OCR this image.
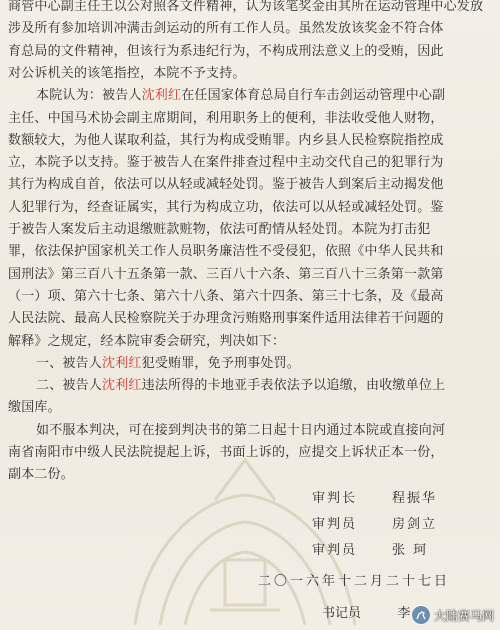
商管中心副主任王以公对照各文件精神，认为该笔奖金由其所在运动管理中心发放
涉及所有参加培训冲满击剑运动的所有工作人员。虽然发放该奖金不符合体
育总局的文件精神，但该行为系违纪行为，不构成刑法意义上的受贿，因此
对公诉机关的该笔指控，本院不予支持。
本院认为：被告人沈利红在任国家体育总局自行车击剑运动管理中心副
主任、中国马术协会副主席期间，利用职务上的便利，非法收受他人财物，
数额较大，为他人谋取利益，其行为构成受贿罪。内乡县人民检察院指控成
立，本院予以支持。鉴于被告人在案件排查过程中主动交代自己的犯罪行为
其行为构成自首，依法可以从轻或减轻处罚。鉴于被告人到案后主动揭发他
人犯罪行为，经查证属实，其行为构成立功，依法可以从轻或减轻处罚。鉴
于被告人案发后主动退缴赃款赃物，依法可酌情从轻处罚。本院为打击犯
罪，依法保护国家机关工作人员职务廉洁性不受侵犯，依照《中华人民共和
国刑法》第三百八十五条第一款、三百八十六条、第三百八十三条第一款第
（一）项、第六十七条、第六十八条、第六十四条、第三十七条，及《最高
人民法院、最高人民检察院关于办理贪污贿赂刑事案件适用法律若干问题的
解释》之规定，经本院审委会研究，判决如下：
一、被告人沈利红犯受贿罪，免予刑事处罚。
二、被告人沈利红违法所得的卡地亚手表依法予以追缴，由收缴单位上
缴国库。
如不服本判决，可在接到判决书的第二日起十日内通过本院或直接向河
南省南阳市中级人民法院提起上诉，书面上诉的，应提交上诉状正本一份，
副本二份。
审判长	程振华
审判员	房剑立
审判员	张 珂
二〇一六年十二月二十七日
书记员	李 大陆赛马网
